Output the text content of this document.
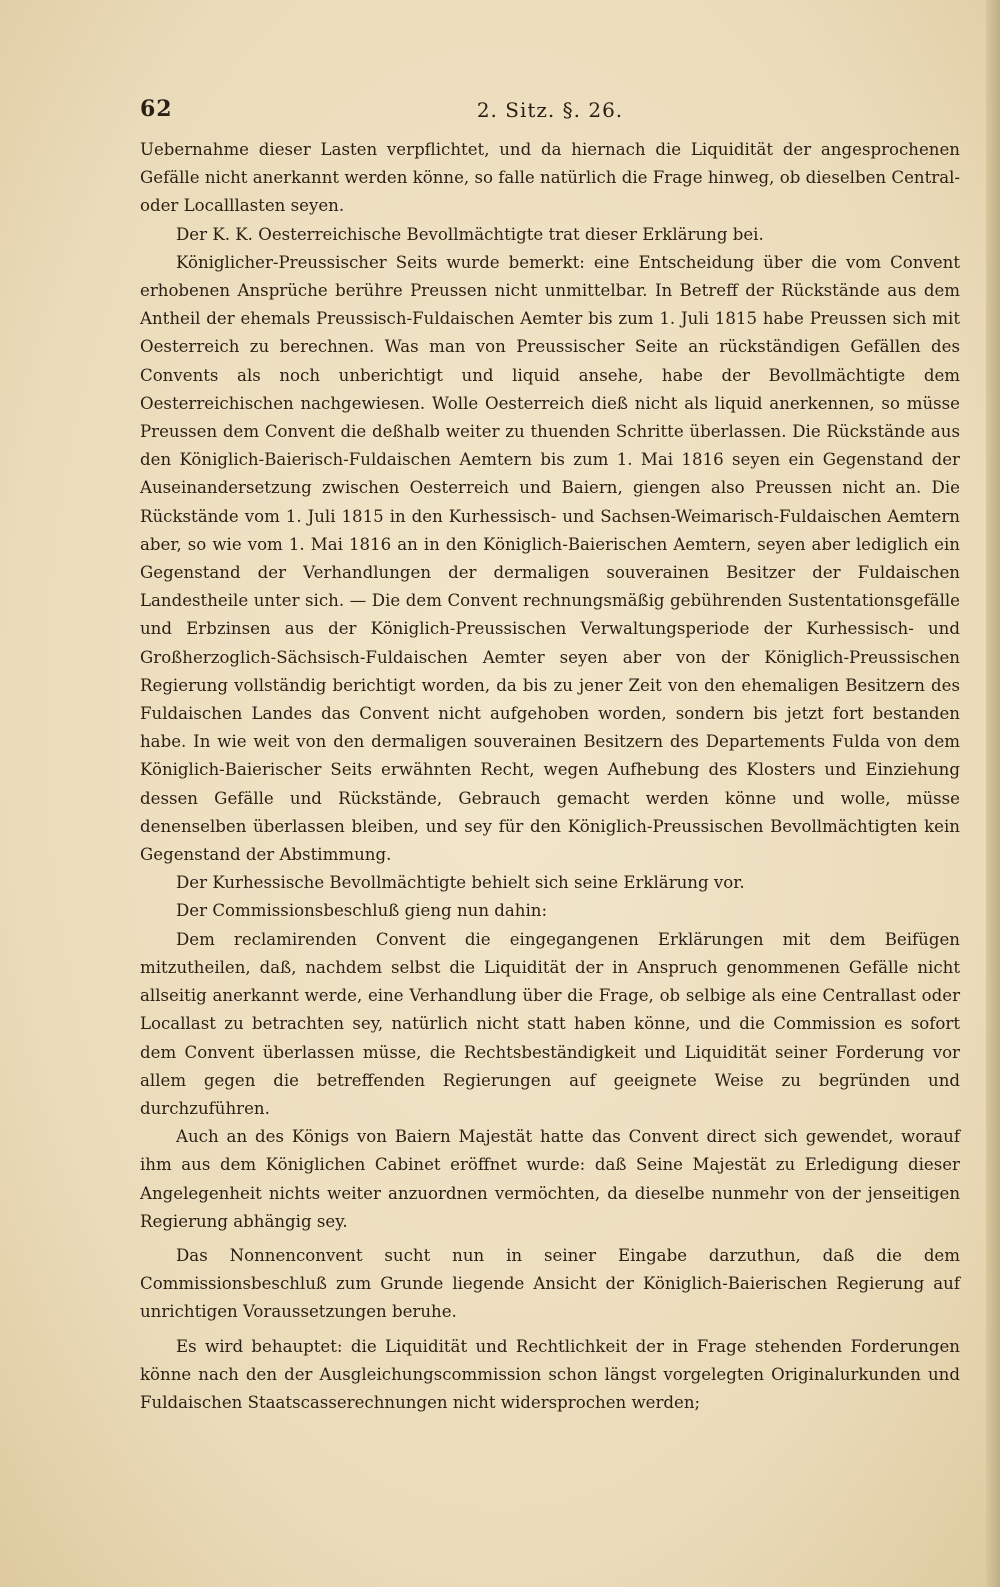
62	2. Sitz. §. 26.

Uebernahme dieser Lasten verpflichtet, und da hiernach die Liquidität der angesprochenen Gefälle nicht anerkannt werden könne, so falle natürlich die Frage hinweg, ob dieselben Central- oder Localllasten seyen.

Der K. K. Oesterreichische Bevollmächtigte trat dieser Erklärung bei.

Königlicher-Preussischer Seits wurde bemerkt: eine Entscheidung über die vom Convent erhobenen Ansprüche berühre Preussen nicht unmittelbar. In Betreff der Rückstände aus dem Antheil der ehemals Preussisch-Fuldaischen Aemter bis zum 1. Juli 1815 habe Preussen sich mit Oesterreich zu berechnen. Was man von Preussischer Seite an rückständigen Gefällen des Convents als noch unberichtigt und liquid ansehe, habe der Bevollmächtigte dem Oesterreichischen nachgewiesen. Wolle Oesterreich dieß nicht als liquid anerkennen, so müsse Preussen dem Convent die deßhalb weiter zu thuenden Schritte überlassen. Die Rückstände aus den Königlich-Baierisch-Fuldaischen Aemtern bis zum 1. Mai 1816 seyen ein Gegenstand der Auseinandersetzung zwischen Oesterreich und Baiern, giengen also Preussen nicht an. Die Rückstände vom 1. Juli 1815 in den Kurhessisch- und Sachsen-Weimarisch-Fuldaischen Aemtern aber, so wie vom 1. Mai 1816 an in den Königlich-Baierischen Aemtern, seyen aber lediglich ein Gegenstand der Verhandlungen der dermaligen souverainen Besitzer der Fuldaischen Landestheile unter sich. — Die dem Convent rechnungsmäßig gebührenden Sustentationsgefälle und Erbzinsen aus der Königlich-Preussischen Verwaltungsperiode der Kurhessisch- und Großherzoglich-Sächsisch-Fuldaischen Aemter seyen aber von der Königlich-Preussischen Regierung vollständig berichtigt worden, da bis zu jener Zeit von den ehemaligen Besitzern des Fuldaischen Landes das Convent nicht aufgehoben worden, sondern bis jetzt fort bestanden habe. In wie weit von den dermaligen souverainen Besitzern des Departements Fulda von dem Königlich-Baierischer Seits erwähnten Recht, wegen Aufhebung des Klosters und Einziehung dessen Gefälle und Rückstände, Gebrauch gemacht werden könne und wolle, müsse denenselben überlassen bleiben, und sey für den Königlich-Preussischen Bevollmächtigten kein Gegenstand der Abstimmung.

Der Kurhessische Bevollmächtigte behielt sich seine Erklärung vor.

Der Commissionsbeschluß gieng nun dahin:

Dem reclamirenden Convent die eingegangenen Erklärungen mit dem Beifügen mitzutheilen, daß, nachdem selbst die Liquidität der in Anspruch genommenen Gefälle nicht allseitig anerkannt werde, eine Verhandlung über die Frage, ob selbige als eine Centrallast oder Locallast zu betrachten sey, natürlich nicht statt haben könne, und die Commission es sofort dem Convent überlassen müsse, die Rechtsbeständigkeit und Liquidität seiner Forderung vor allem gegen die betreffenden Regierungen auf geeignete Weise zu begründen und durchzuführen.

Auch an des Königs von Baiern Majestät hatte das Convent direct sich gewendet, worauf ihm aus dem Königlichen Cabinet eröffnet wurde: daß Seine Majestät zu Erledigung dieser Angelegenheit nichts weiter anzuordnen vermöchten, da dieselbe nunmehr von der jenseitigen Regierung abhängig sey.

Das Nonnenconvent sucht nun in seiner Eingabe darzuthun, daß die dem Commissionsbeschluß zum Grunde liegende Ansicht der Königlich-Baierischen Regierung auf unrichtigen Voraussetzungen beruhe.

Es wird behauptet: die Liquidität und Rechtlichkeit der in Frage stehenden Forderungen könne nach den der Ausgleichungscommission schon längst vorgelegten Originalurkunden und Fuldaischen Staatscasserechnungen nicht widersprochen werden;
